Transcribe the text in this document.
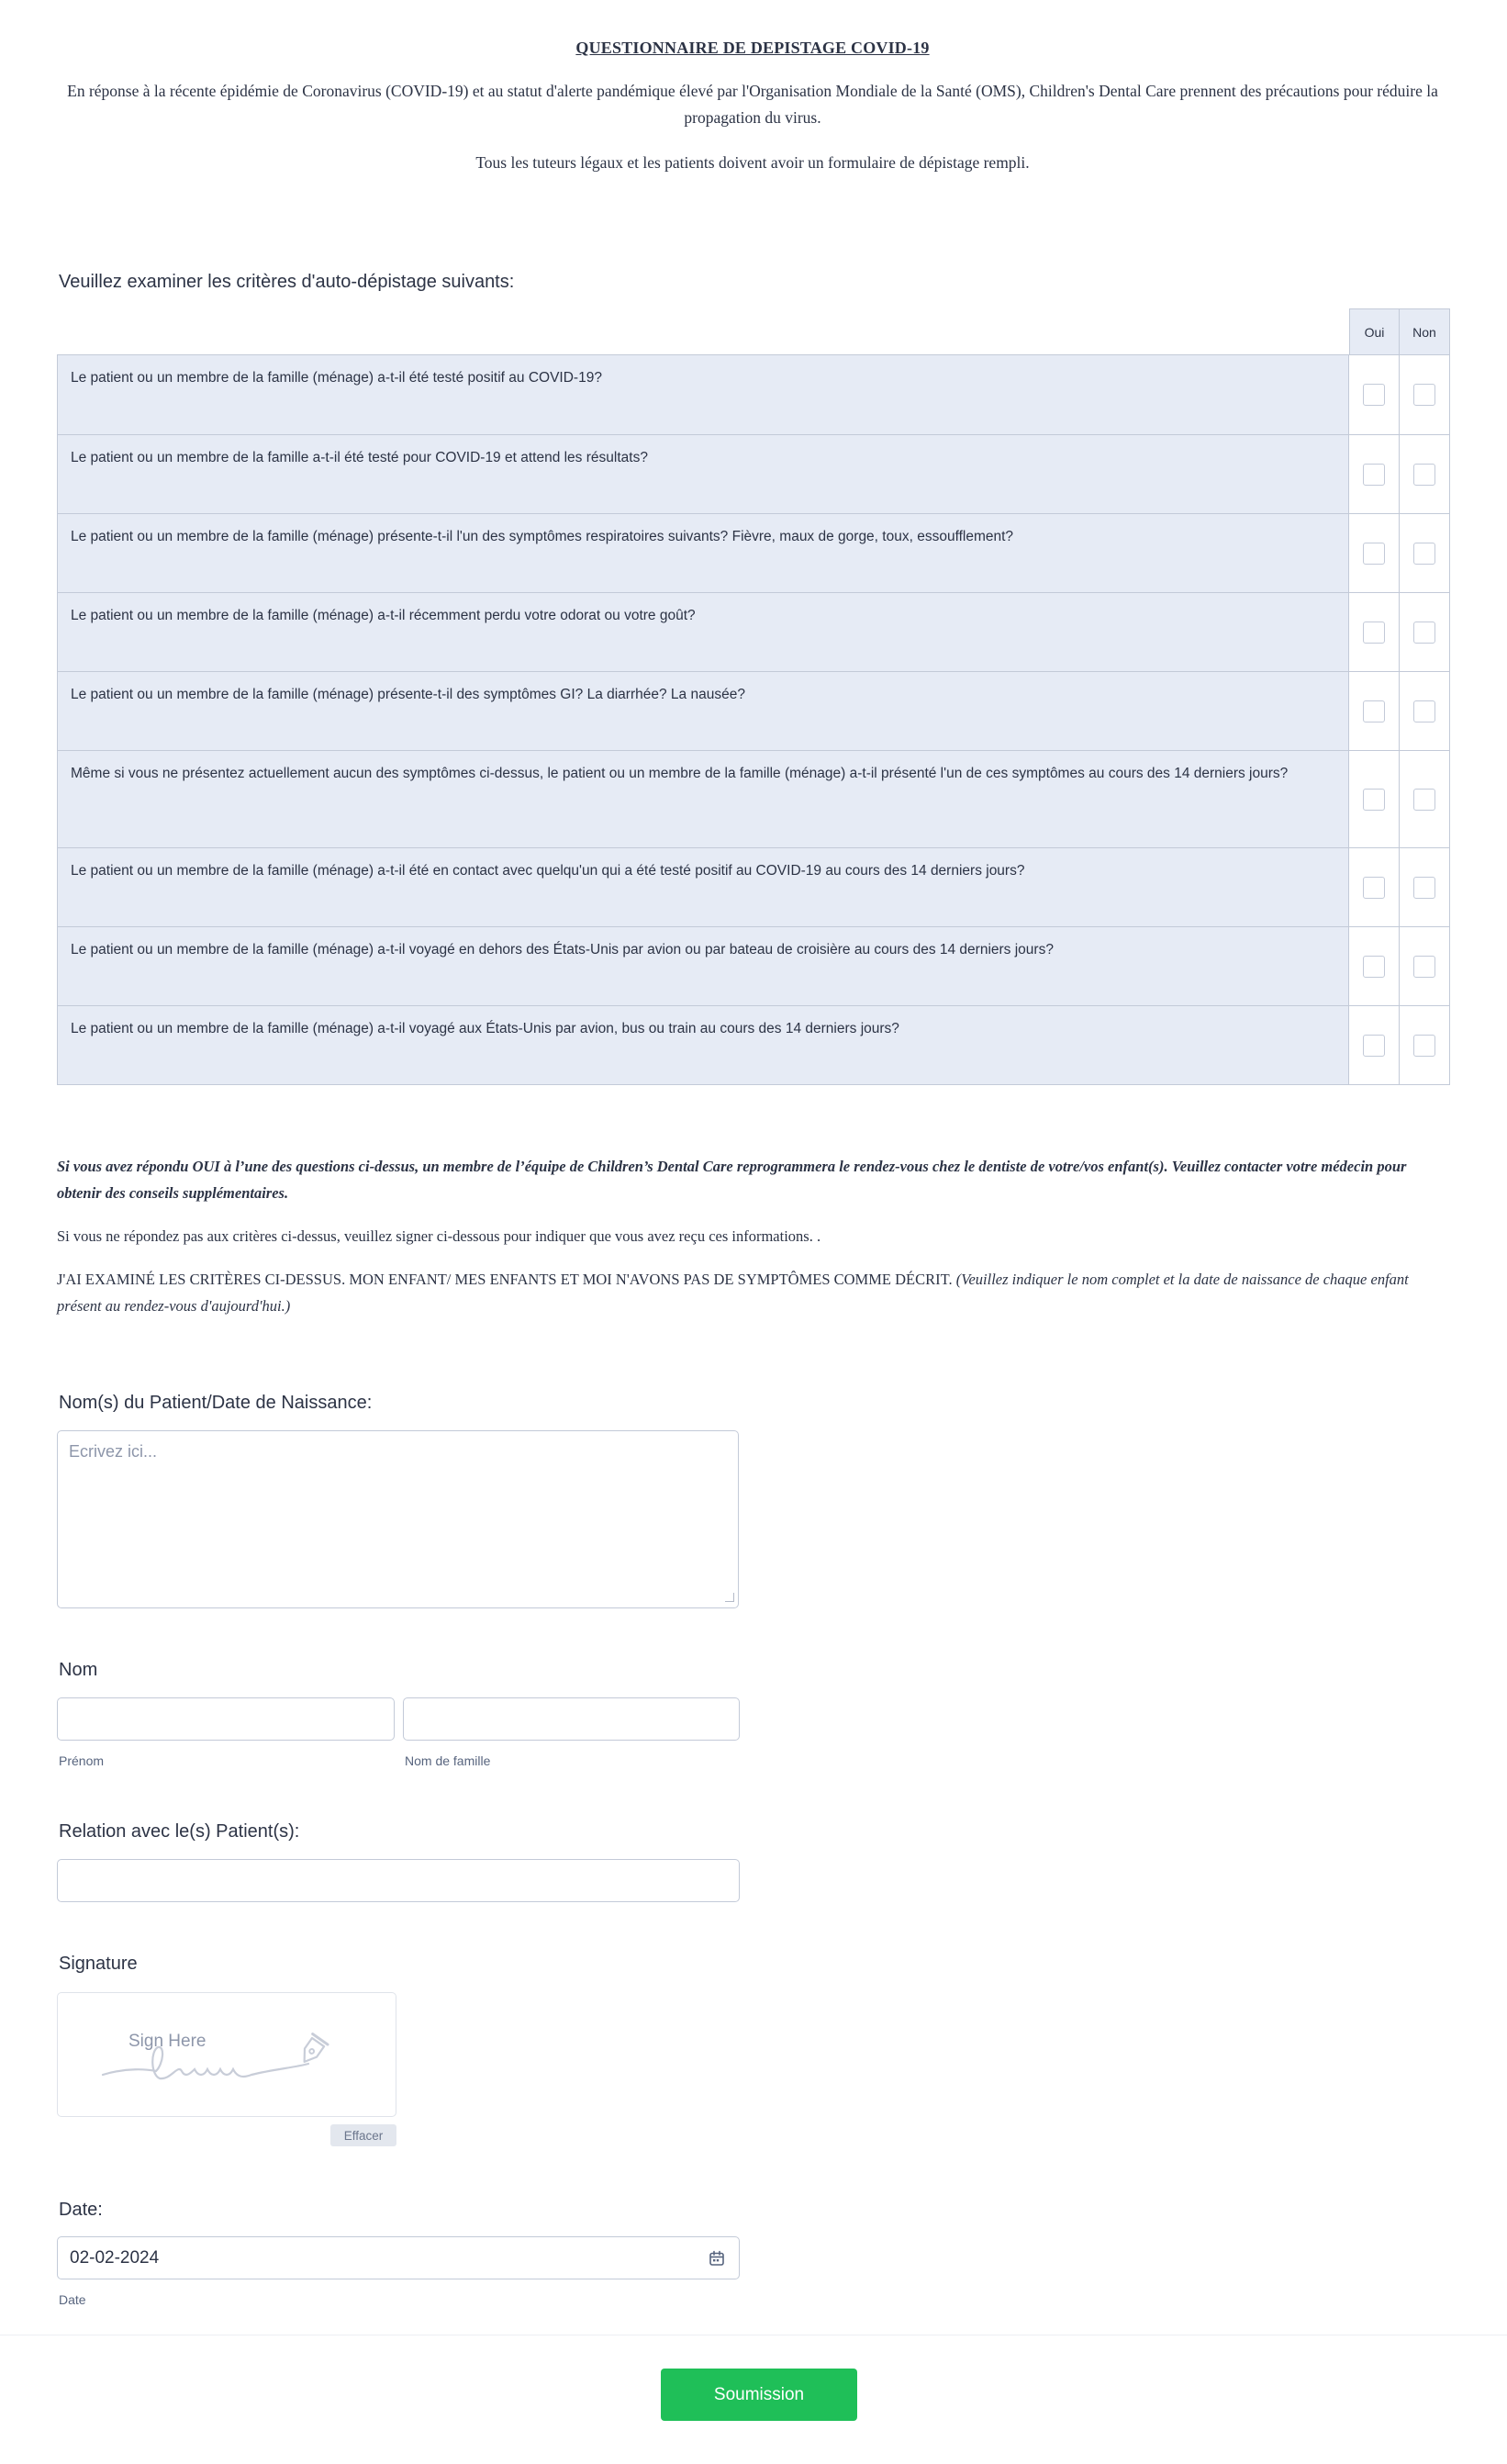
QUESTIONNAIRE DE DEPISTAGE COVID-19

En réponse à la récente épidémie de Coronavirus (COVID-19) et au statut d'alerte pandémique élevé par l'Organisation Mondiale de la Santé (OMS), Children's Dental Care prennent des précautions pour réduire la propagation du virus.

Tous les tuteurs légaux et les patients doivent avoir un formulaire de dépistage rempli.

Veuillez examiner les critères d'auto-dépistage suivants:
Oui	Non
Le patient ou un membre de la famille (ménage) a-t-il été testé positif au COVID-19?
Le patient ou un membre de la famille a-t-il été testé pour COVID-19 et attend les résultats?
Le patient ou un membre de la famille (ménage) présente-t-il l'un des symptômes respiratoires suivants? Fièvre, maux de gorge, toux, essoufflement?
Le patient ou un membre de la famille (ménage) a-t-il récemment perdu votre odorat ou votre goût?
Le patient ou un membre de la famille (ménage) présente-t-il des symptômes GI? La diarrhée? La nausée?
Même si vous ne présentez actuellement aucun des symptômes ci-dessus, le patient ou un membre de la famille (ménage) a-t-il présenté l'un de ces symptômes au cours des 14 derniers jours?
Le patient ou un membre de la famille (ménage) a-t-il été en contact avec quelqu'un qui a été testé positif au COVID-19 au cours des 14 derniers jours?
Le patient ou un membre de la famille (ménage) a-t-il voyagé en dehors des États-Unis par avion ou par bateau de croisière au cours des 14 derniers jours?
Le patient ou un membre de la famille (ménage) a-t-il voyagé aux États-Unis par avion, bus ou train au cours des 14 derniers jours?

Si vous avez répondu OUI à l’une des questions ci-dessus, un membre de l’équipe de Children’s Dental Care reprogrammera le rendez-vous chez le dentiste de votre/vos enfant(s). Veuillez contacter votre médecin pour obtenir des conseils supplémentaires.

Si vous ne répondez pas aux critères ci-dessus, veuillez signer ci-dessous pour indiquer que vous avez reçu ces informations. .

J'AI EXAMINÉ LES CRITÈRES CI-DESSUS. MON ENFANT/ MES ENFANTS ET MOI N'AVONS PAS DE SYMPTÔMES COMME DÉCRIT. (Veuillez indiquer le nom complet et la date de naissance de chaque enfant présent au rendez-vous d'aujourd'hui.)

Nom(s) du Patient/Date de Naissance:
Ecrivez ici...
Nom
Prénom	Nom de famille
Relation avec le(s) Patient(s):
Signature
Sign Here
Effacer
Date:
02-02-2024
Date
Soumission
